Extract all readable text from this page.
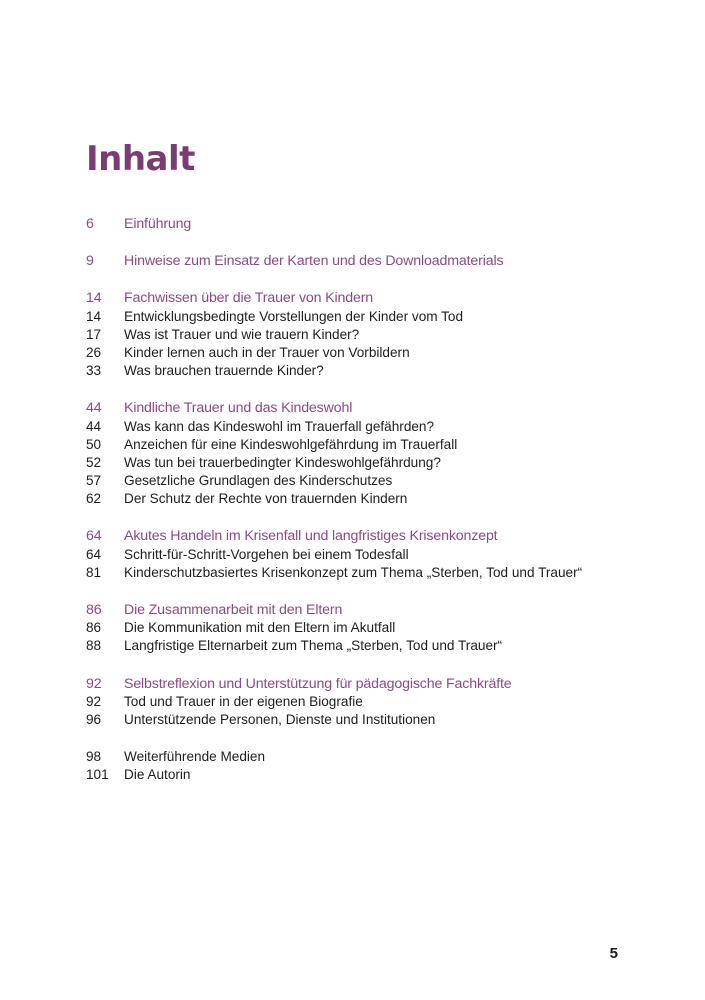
Inhalt
6	Einführung
9	Hinweise zum Einsatz der Karten und des Downloadmaterials
14	Fachwissen über die Trauer von Kindern
14	Entwicklungsbedingte Vorstellungen der Kinder vom Tod
17	Was ist Trauer und wie trauern Kinder?
26	Kinder lernen auch in der Trauer von Vorbildern
33	Was brauchen trauernde Kinder?
44	Kindliche Trauer und das Kindeswohl
44	Was kann das Kindeswohl im Trauerfall gefährden?
50	Anzeichen für eine Kindeswohlgefährdung im Trauerfall
52	Was tun bei trauerbedingter Kindeswohlgefährdung?
57	Gesetzliche Grundlagen des Kinderschutzes
62	Der Schutz der Rechte von trauernden Kindern
64	Akutes Handeln im Krisenfall und langfristiges Krisenkonzept
64	Schritt-für-Schritt-Vorgehen bei einem Todesfall
81	Kinderschutzbasiertes Krisenkonzept zum Thema „Sterben, Tod und Trauer“
86	Die Zusammenarbeit mit den Eltern
86	Die Kommunikation mit den Eltern im Akutfall
88	Langfristige Elternarbeit zum Thema „Sterben, Tod und Trauer“
92	Selbstreflexion und Unterstützung für pädagogische Fachkräfte
92	Tod und Trauer in der eigenen Biografie
96	Unterstützende Personen, Dienste und Institutionen
98	Weiterführende Medien
101	Die Autorin
5
